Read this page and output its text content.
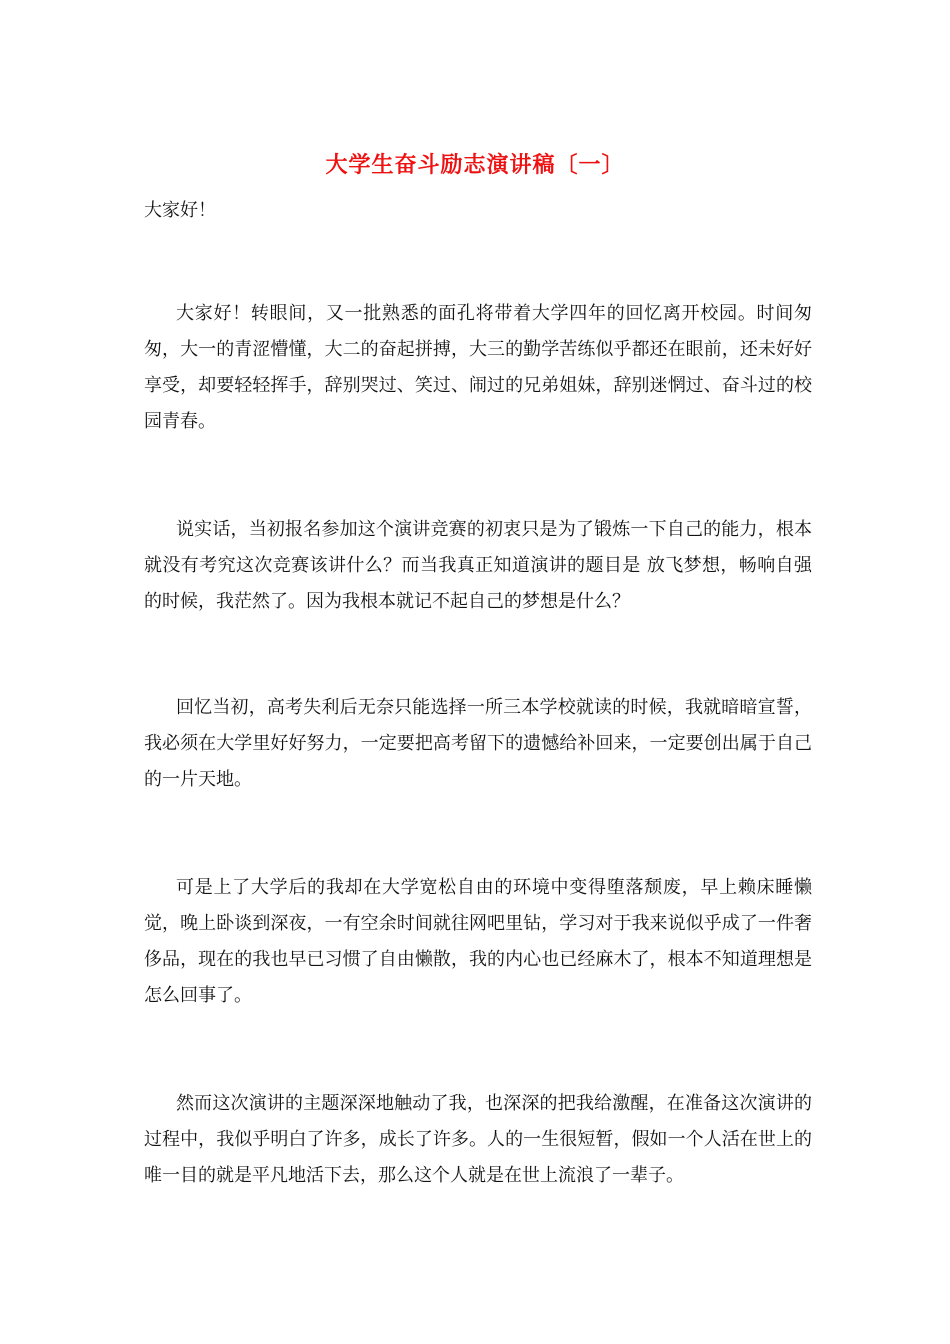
大学生奋斗励志演讲稿〔一〕

大家好！

大家好！转眼间，又一批熟悉的面孔将带着大学四年的回忆离开校园。时间匆匆，大一的青涩懵懂，大二的奋起拼搏，大三的勤学苦练似乎都还在眼前，还未好好享受，却要轻轻挥手，辞别哭过、笑过、闹过的兄弟姐妹，辞别迷惘过、奋斗过的校园青春。

说实话，当初报名参加这个演讲竞赛的初衷只是为了锻炼一下自己的能力，根本就没有考究这次竞赛该讲什么？而当我真正知道演讲的题目是 放飞梦想，畅响自强 的时候，我茫然了。因为我根本就记不起自己的梦想是什么？

回忆当初，高考失利后无奈只能选择一所三本学校就读的时候，我就暗暗宣誓，我必须在大学里好好努力，一定要把高考留下的遗憾给补回来，一定要创出属于自己的一片天地。

可是上了大学后的我却在大学宽松自由的环境中变得堕落颓废，早上赖床睡懒觉，晚上卧谈到深夜，一有空余时间就往网吧里钻，学习对于我来说似乎成了一件奢侈品，现在的我也早已习惯了自由懒散，我的内心也已经麻木了，根本不知道理想是怎么回事了。

然而这次演讲的主题深深地触动了我，也深深的把我给激醒，在准备这次演讲的过程中，我似乎明白了许多，成长了许多。人的一生很短暂，假如一个人活在世上的唯一目的就是平凡地活下去，那么这个人就是在世上流浪了一辈子。
